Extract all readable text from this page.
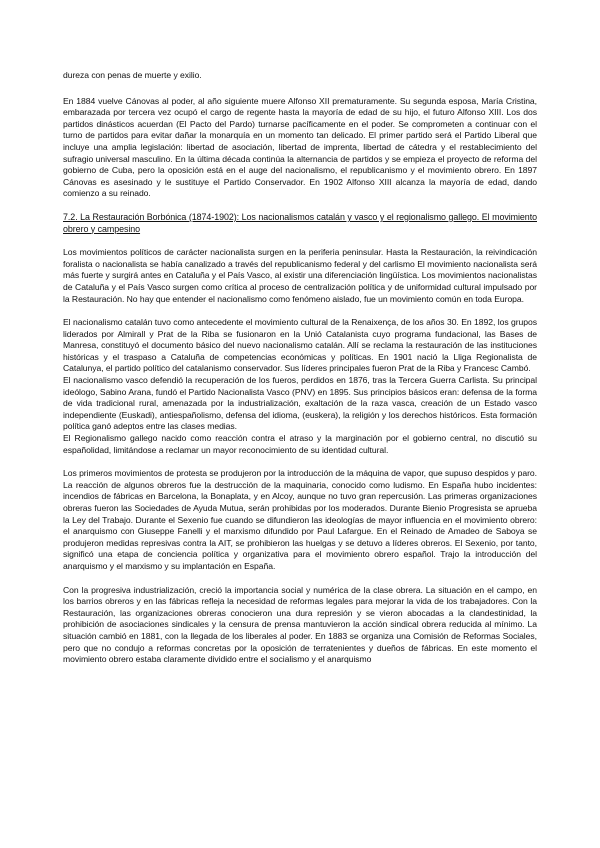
dureza con penas de muerte y exilio.

En 1884 vuelve Cánovas al poder, al año siguiente muere Alfonso XII prematuramente. Su segunda esposa, María Cristina, embarazada por tercera vez ocupó el cargo de regente hasta la mayoría de edad de su hijo, el futuro Alfonso XIII. Los dos partidos dinásticos acuerdan (El Pacto del Pardo) turnarse pacíficamente en el poder. Se comprometen a continuar con el turno de partidos para evitar dañar la monarquía en un momento tan delicado. El primer partido será el Partido Liberal que incluye una amplia legislación: libertad de asociación, libertad de imprenta, libertad de cátedra y el restablecimiento del sufragio universal masculino. En la última década continúa la alternancia de partidos y se empieza el proyecto de reforma del gobierno de Cuba, pero la oposición está en el auge del nacionalismo, el republicanismo y el movimiento obrero. En 1897 Cánovas es asesinado y le sustituye el Partido Conservador. En 1902 Alfonso XIII alcanza la mayoría de edad, dando comienzo a su reinado.

7.2. La Restauración Borbónica (1874-1902): Los nacionalismos catalán y vasco y el regionalismo gallego. El movimiento obrero y campesino

Los movimientos políticos de carácter nacionalista surgen en la periferia peninsular. Hasta la Restauración, la reivindicación foralista o nacionalista se había canalizado a través del republicanismo federal y del carlismo El movimiento nacionalista será más fuerte y surgirá antes en Cataluña y el País Vasco, al existir una diferenciación lingüística. Los movimientos nacionalistas de Cataluña y el País Vasco surgen como crítica al proceso de centralización política y de uniformidad cultural impulsado por la Restauración. No hay que entender el nacionalismo como fenómeno aislado, fue un movimiento común en toda Europa.

El nacionalismo catalán tuvo como antecedente el movimiento cultural de la Renaixença, de los años 30. En 1892, los grupos liderados por Almirall y Prat de la Riba se fusionaron en la Unió Catalanista cuyo programa fundacional, las Bases de Manresa, constituyó el documento básico del nuevo nacionalismo catalán. Allí se reclama la restauración de las instituciones históricas y el traspaso a Cataluña de competencias económicas y políticas. En 1901 nació la Lliga Regionalista de Catalunya, el partido político del catalanismo conservador. Sus líderes principales fueron Prat de la Riba y Francesc Cambó.

El nacionalismo vasco defendió la recuperación de los fueros, perdidos en 1876, tras la Tercera Guerra Carlista. Su principal ideólogo, Sabino Arana, fundó el Partido Nacionalista Vasco (PNV) en 1895. Sus principios básicos eran: defensa de la forma de vida tradicional rural, amenazada por la industrialización, exaltación de la raza vasca, creación de un Estado vasco independiente (Euskadi), antiespañolismo, defensa del idioma, (euskera), la religión y los derechos históricos. Esta formación política ganó adeptos entre las clases medias.

El Regionalismo gallego nacido como reacción contra el atraso y la marginación por el gobierno central, no discutió su españolidad, limitándose a reclamar un mayor reconocimiento de su identidad cultural.

Los primeros movimientos de protesta se produjeron por la introducción de la máquina de vapor, que supuso despidos y paro. La reacción de algunos obreros fue la destrucción de la maquinaria, conocido como ludismo. En España hubo incidentes: incendios de fábricas en Barcelona, la Bonaplata, y en Alcoy, aunque no tuvo gran repercusión. Las primeras organizaciones obreras fueron las Sociedades de Ayuda Mutua, serán prohibidas por los moderados. Durante Bienio Progresista se aprueba la Ley del Trabajo. Durante el Sexenio fue cuando se difundieron las ideologías de mayor influencia en el movimiento obrero: el anarquismo con Giuseppe Fanelli y el marxismo difundido por Paul Lafargue. En el Reinado de Amadeo de Saboya se produjeron medidas represivas contra la AIT, se prohibieron las huelgas y se detuvo a líderes obreros. El Sexenio, por tanto, significó una etapa de conciencia política y organizativa para el movimiento obrero español. Trajo la introducción del anarquismo y el marxismo y su implantación en España.

Con la progresiva industrialización, creció la importancia social y numérica de la clase obrera. La situación en el campo, en los barrios obreros y en las fábricas refleja la necesidad de reformas legales para mejorar la vida de los trabajadores. Con la Restauración, las organizaciones obreras conocieron una dura represión y se vieron abocadas a la clandestinidad, la prohibición de asociaciones sindicales y la censura de prensa mantuvieron la acción sindical obrera reducida al mínimo. La situación cambió en 1881, con la llegada de los liberales al poder. En 1883 se organiza una Comisión de Reformas Sociales, pero que no condujo a reformas concretas por la oposición de terratenientes y dueños de fábricas. En este momento el movimiento obrero estaba claramente dividido entre el socialismo y el anarquismo
